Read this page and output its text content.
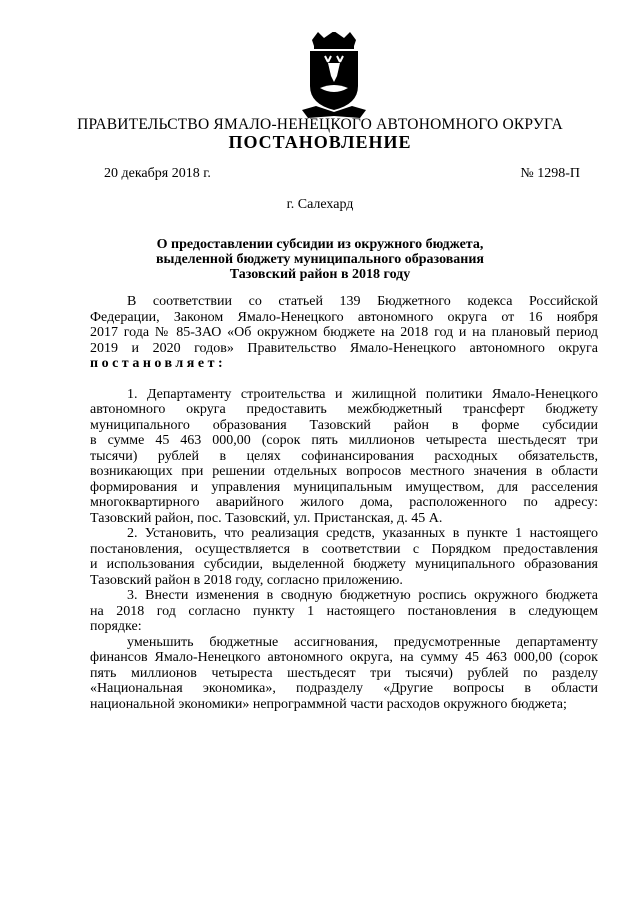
ПРАВИТЕЛЬСТВО ЯМАЛО-НЕНЕЦКОГО АВТОНОМНОГО ОКРУГА
ПОСТАНОВЛЕНИЕ
20 декабря 2018 г.	№ 1298-П
г. Салехард
О предоставлении субсидии из окружного бюджета,
выделенной бюджету муниципального образования
Тазовский район в 2018 году

В соответствии со статьей 139 Бюджетного кодекса Российской

Федерации, Законом Ямало-Ненецкого автономного округа от 16 ноября

2017 года № 85-ЗАО «Об окружном бюджете на 2018 год и на плановый период

2019 и 2020 годов» Правительство Ямало-Ненецкого автономного округа

постановляет:

1. Департаменту строительства и жилищной политики Ямало-Ненецкого

автономного округа предоставить межбюджетный трансферт бюджету

муниципального образования Тазовский район в форме субсидии

в сумме 45 463 000,00 (сорок пять миллионов четыреста шестьдесят три

тысячи) рублей в целях софинансирования расходных обязательств,

возникающих при решении отдельных вопросов местного значения в области

формирования и управления муниципальным имуществом, для расселения

многоквартирного аварийного жилого дома, расположенного по адресу:

Тазовский район, пос. Тазовский, ул. Пристанская, д. 45 А.

2. Установить, что реализация средств, указанных в пункте 1 настоящего

постановления, осуществляется в соответствии с Порядком предоставления

и использования субсидии, выделенной бюджету муниципального образования

Тазовский район в 2018 году, согласно приложению.

3. Внести изменения в сводную бюджетную роспись окружного бюджета

на 2018 год согласно пункту 1 настоящего постановления в следующем

порядке:

уменьшить бюджетные ассигнования, предусмотренные департаменту

финансов Ямало-Ненецкого автономного округа, на сумму 45 463 000,00 (сорок

пять миллионов четыреста шестьдесят три тысячи) рублей по разделу

«Национальная экономика», подразделу «Другие вопросы в области

национальной экономики» непрограммной части расходов окружного бюджета;
